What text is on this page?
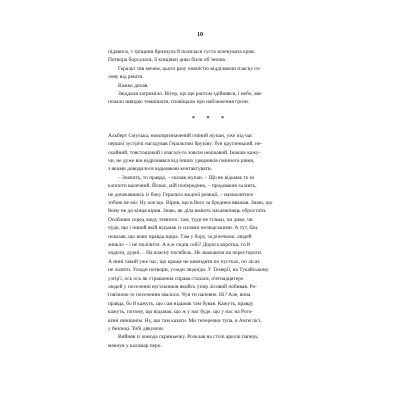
10
підавися, з тріщини бризнула й полилася густа зеленувата кров.
Потвора борсалася, її кінцівки дико били об землю.
Геральт тяв мечем, цього разу повністю відділяючи пласку го-
лову від решти.
Важко дихав.
Звіддаля загриміло. Вітер, що ще раптом здійнявся, і небо, яке
почало швидко темнішати, сповіщали про наближення грози.
* * *
Альберт Смулька, новопризначений гміний жупан, уже під час
першої зустрічі нагадував Геральтові бруківу: був кругленький, не-
охайний, товстощокий і взагалі-то зовсім нецікавий. Інакше кажу-
чи, не дуже він відрізнявся від інших урядників гмінного рівня,
з якими доводилося відьмакові контактувати.
– Значить, то правда, – сказав жупан. – Що як відьмак то ні
клопоти валечний. Йонас, мій попередник, – продовжив за мить,
не дочекавшись із боку Геральта жодної реакції, – нахвалитися
тобою не міг. Ну але що. Вірив, що в його за бреднем вважав. Знаю, що
йому не до кінця вірив. Знаю, як діла вміють насамкінець обростати.
Особливо серед люду темного: там, туди не тільки, чи диво, чи
чудо, що і інший якій відьмак із силами нелюдськими. А тут, бач,
показав, що воно правда щира. Там у бору, за річечкою, людей
зникло – і не полічити. А я ж сидів собі? Дорога коротка, то й
ходили, дурні… На власну погибель. Не зважаючи на перестороги.
А нині такий уже час, що краще не швендяти по пустках, по лісах
не лазити. Усюди потвори, усюди людоїди. У Темерії, на Тукайському
узгір'ї, ось ось як страшенна справа сталася, п'ятнадцятеро
людей у поселенні вугільників якийсь упир лісовий побивав. Ро-
говізною те поселення звалося. Чув ти напевне. Ні? Але, вона
правда, бо й кажуть, що сам відьмак там бував. Кажуть, правду
кажуть, потому, що відьмак, що ж у нас буде, що у нас на Рого-
візні нинішнім. Ну, що там казати. Ми теперечки тупа, в Ангеглісі,
у безпеці. Тобі дякуючи.
Вийняв із комода скриньечку. Розклав на столі аркуш паперу,
макнув у каламар перо.
